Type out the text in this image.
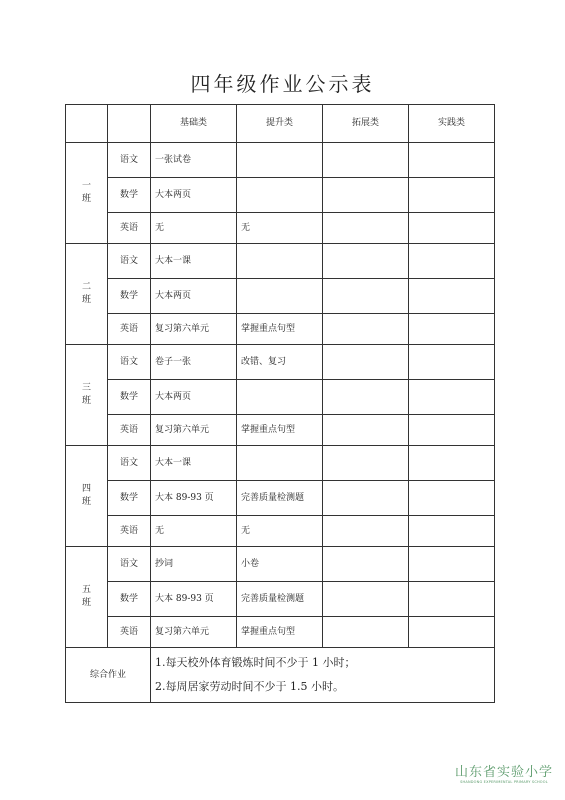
四年级作业公示表
		基础类	提升类	拓展类	实践类

一
班	语文	一张试卷			
	数学	大本两页			
	英语	无	无		

二
班	语文	大本一课			
	数学	大本两页			
	英语	复习第六单元	掌握重点句型		

三
班	语文	卷子一张	改错、复习		
	数学	大本两页			
	英语	复习第六单元	掌握重点句型		

四
班	语文	大本一课			
	数学	大本 89-93 页	完善质量检测题		
	英语	无	无		

五
班	语文	抄词	小卷		
	数学	大本 89-93 页	完善质量检测题		
	英语	复习第六单元	掌握重点句型		
综合作业		1.每天校外体育锻炼时间不少于 1 小时；
2.每周居家劳动时间不少于 1.5 小时。			
山东省实验小学
SHANDONG EXPERIMENTAL PRIMARY SCHOOL
